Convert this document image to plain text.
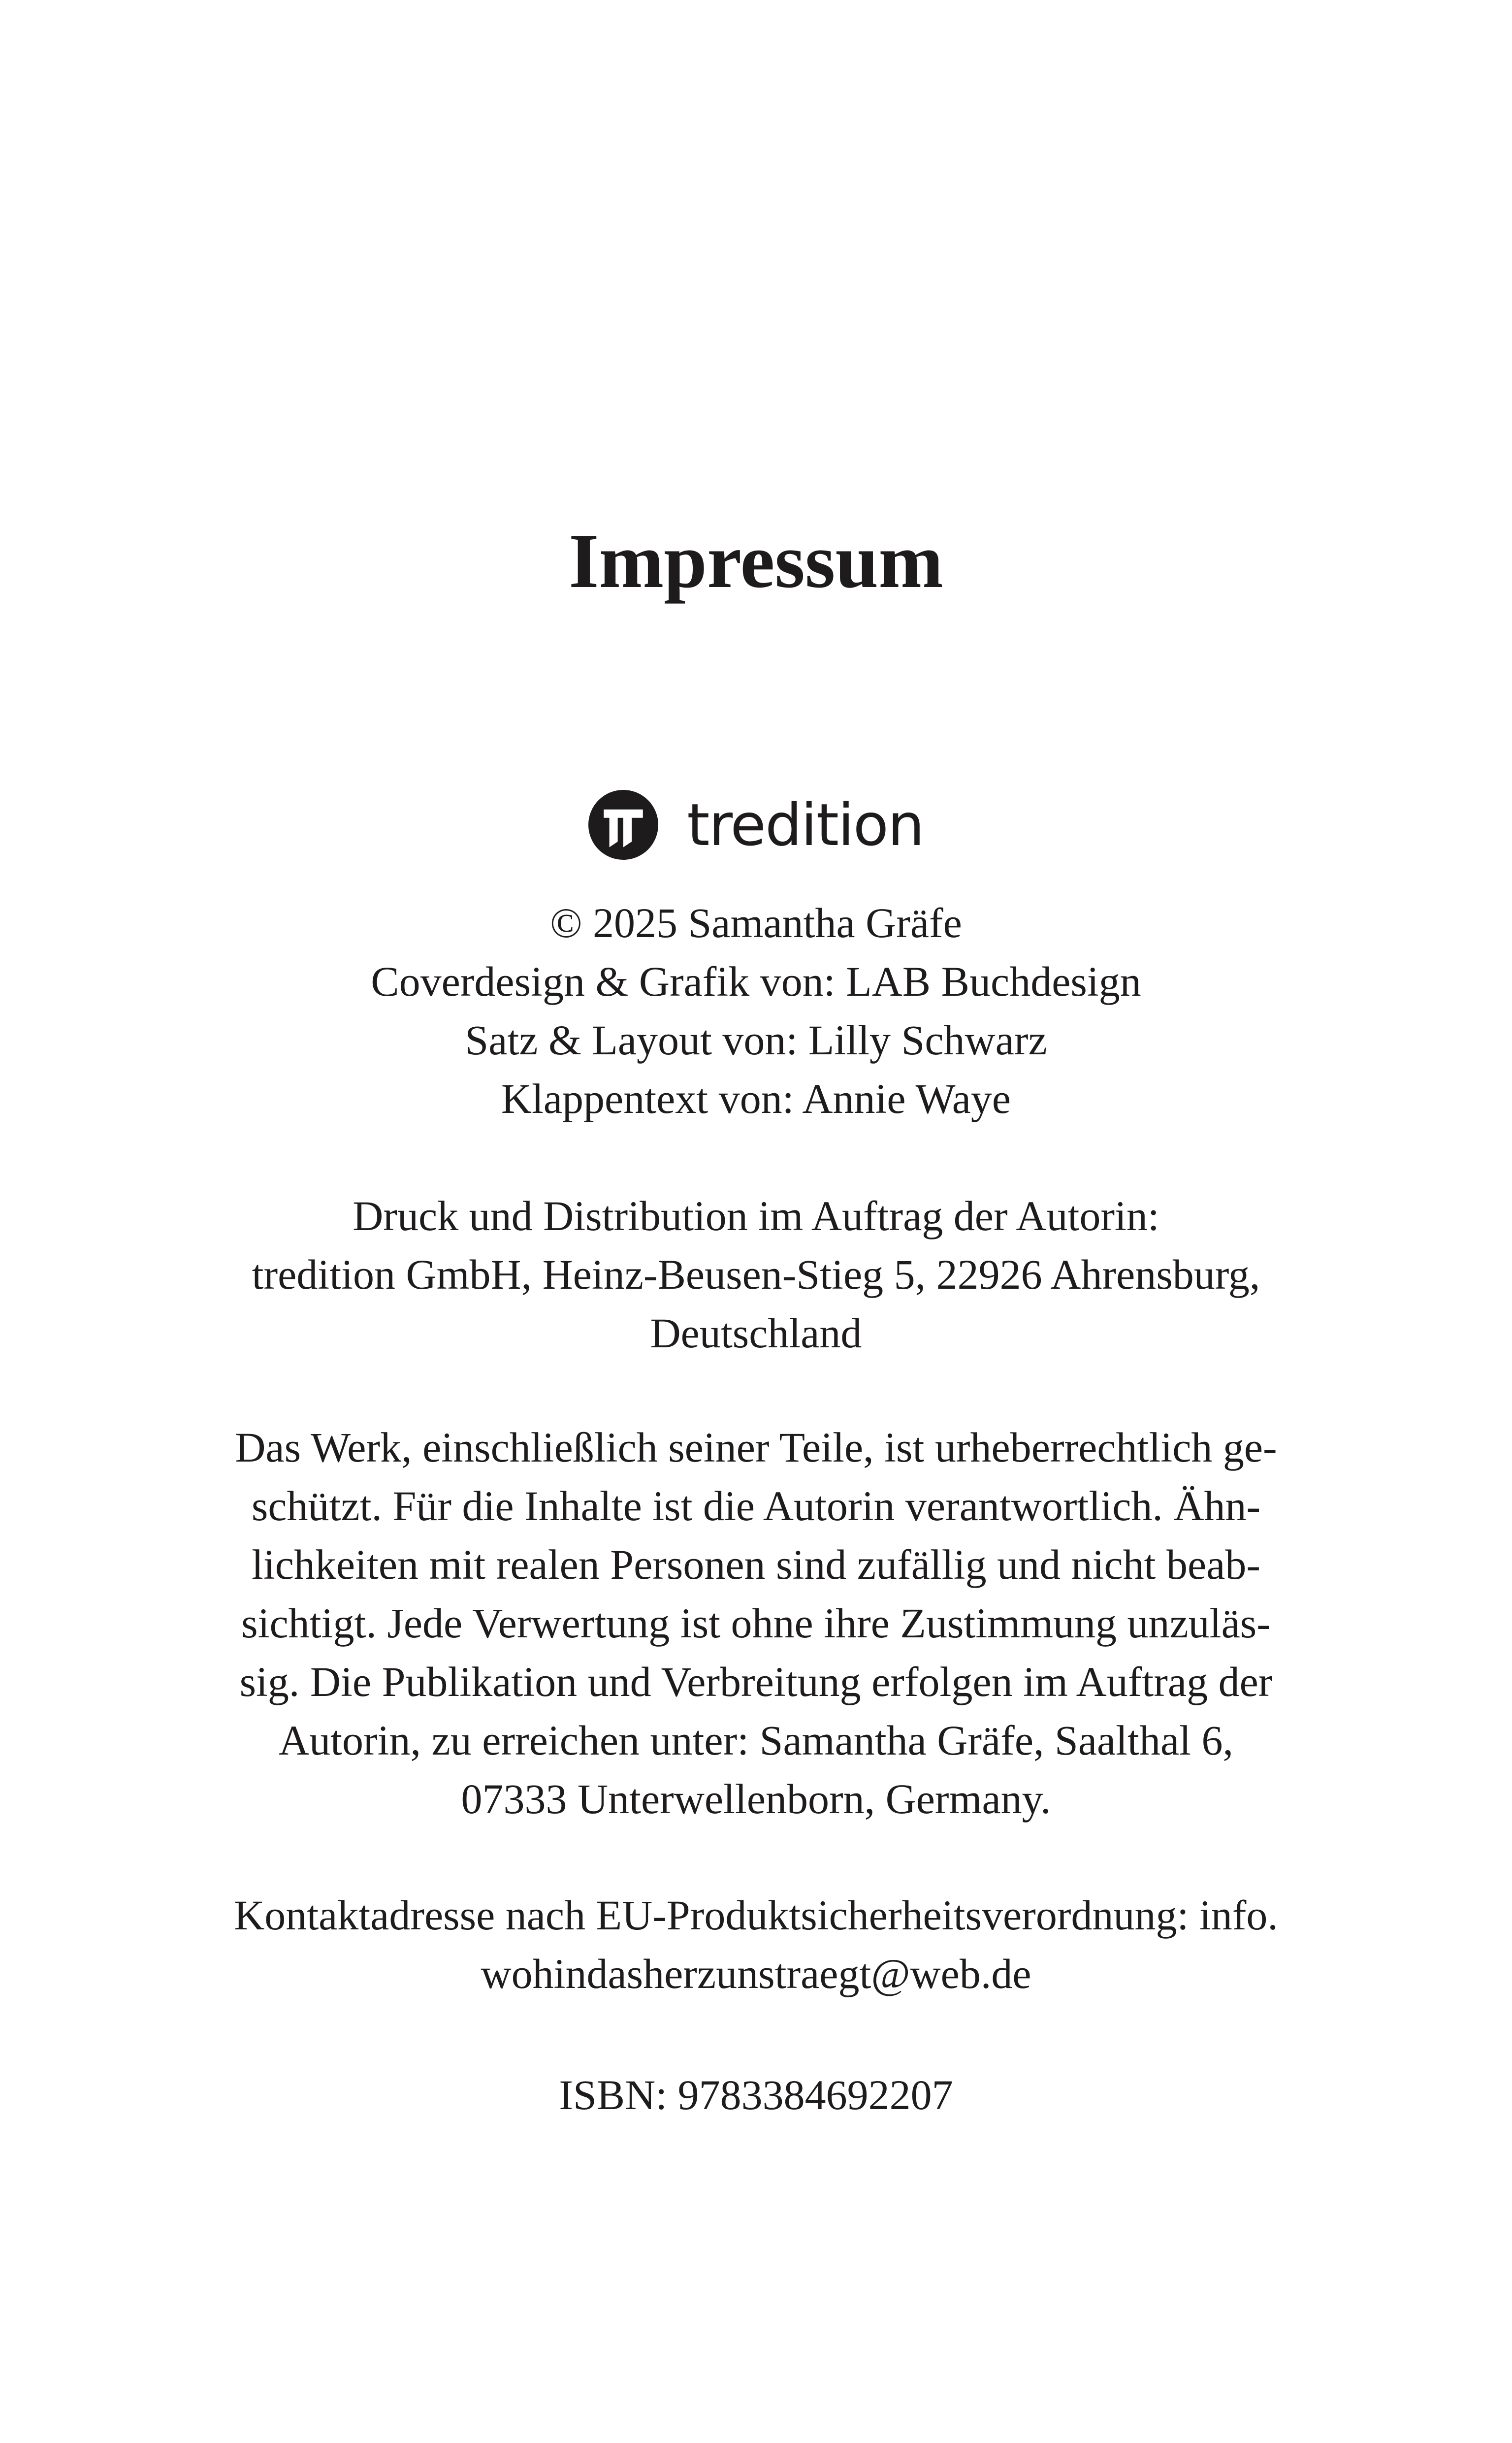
Impressum
tredition
© 2025 Samantha Gräfe
Coverdesign & Grafik von: LAB Buchdesign
Satz & Layout von: Lilly Schwarz
Klappentext von: Annie Waye
Druck und Distribution im Auftrag der Autorin:
tredition GmbH, Heinz-Beusen-Stieg 5, 22926 Ahrensburg,
Deutschland
Das Werk, einschließlich seiner Teile, ist urheberrechtlich ge-
schützt. Für die Inhalte ist die Autorin verantwortlich. Ähn-
lichkeiten mit realen Personen sind zufällig und nicht beab-
sichtigt. Jede Verwertung ist ohne ihre Zustimmung unzuläs-
sig. Die Publikation und Verbreitung erfolgen im Auftrag der
Autorin, zu erreichen unter: Samantha Gräfe, Saalthal 6,
07333 Unterwellenborn, Germany.
Kontaktadresse nach EU-Produktsicherheitsverordnung: info.
wohindasherzunstraegt@web.de
ISBN: 9783384692207
